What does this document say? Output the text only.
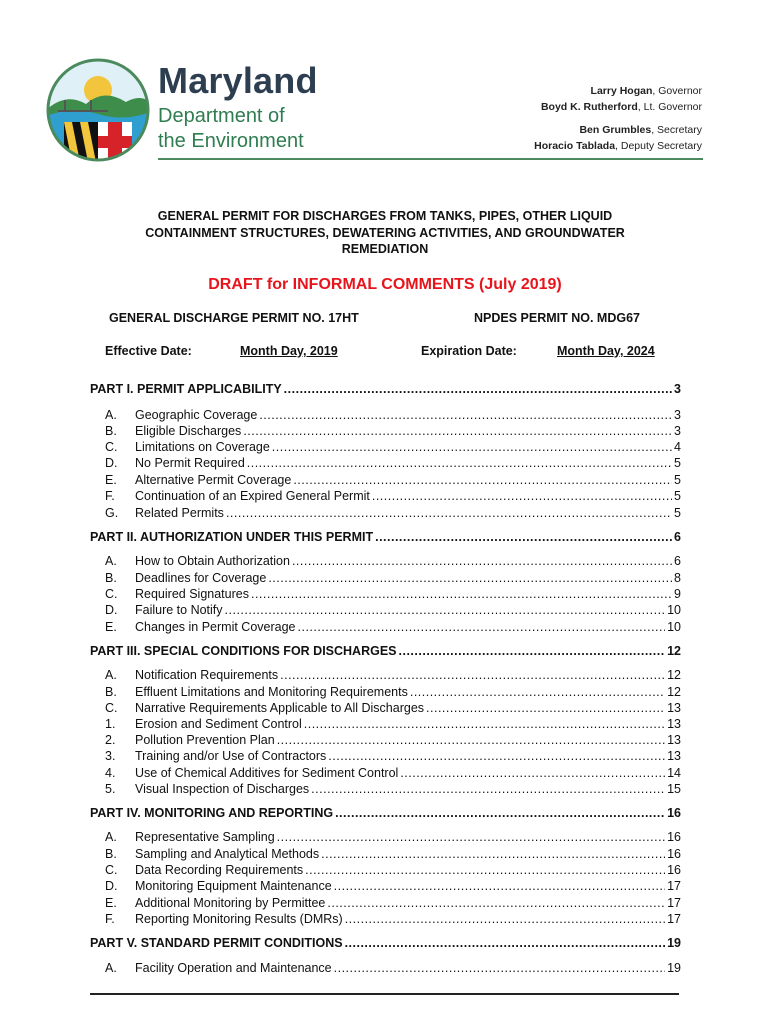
Maryland
Department of
the Environment
Larry Hogan, Governor
Boyd K. Rutherford, Lt. Governor
Ben Grumbles, Secretary
Horacio Tablada, Deputy Secretary
GENERAL PERMIT FOR DISCHARGES FROM TANKS, PIPES, OTHER LIQUID
CONTAINMENT STRUCTURES, DEWATERING ACTIVITIES, AND GROUNDWATER
REMEDIATION
DRAFT for INFORMAL COMMENTS (July 2019)
GENERAL DISCHARGE PERMIT NO. 17HT	NPDES PERMIT NO. MDG67
Effective Date:	Month Day, 2019	Expiration Date:	Month Day, 2024
PART I. PERMIT APPLICABILITY .....	3
A.	Geographic Coverage .....	3
B.	Eligible Discharges .....	3
C.	Limitations on Coverage .....	4
D.	No Permit Required .....	5
E.	Alternative Permit Coverage .....	5
F.	Continuation of an Expired General Permit .....	5
G.	Related Permits .....	5
PART II. AUTHORIZATION UNDER THIS PERMIT .....	6
A.	How to Obtain Authorization .....	6
B.	Deadlines for Coverage .....	8
C.	Required Signatures .....	9
D.	Failure to Notify .....	10
E.	Changes in Permit Coverage .....	10
PART III. SPECIAL CONDITIONS FOR DISCHARGES .....	12
A.	Notification Requirements .....	12
B.	Effluent Limitations and Monitoring Requirements .....	12
C.	Narrative Requirements Applicable to All Discharges .....	13
1.	Erosion and Sediment Control .....	13
2.	Pollution Prevention Plan .....	13
3.	Training and/or Use of Contractors .....	13
4.	Use of Chemical Additives for Sediment Control .....	14
5.	Visual Inspection of Discharges .....	15
PART IV. MONITORING AND REPORTING .....	16
A.	Representative Sampling .....	16
B.	Sampling and Analytical Methods .....	16
C.	Data Recording Requirements .....	16
D.	Monitoring Equipment Maintenance .....	17
E.	Additional Monitoring by Permittee .....	17
F.	Reporting Monitoring Results (DMRs) .....	17
PART V. STANDARD PERMIT CONDITIONS .....	19
A.	Facility Operation and Maintenance .....	19
